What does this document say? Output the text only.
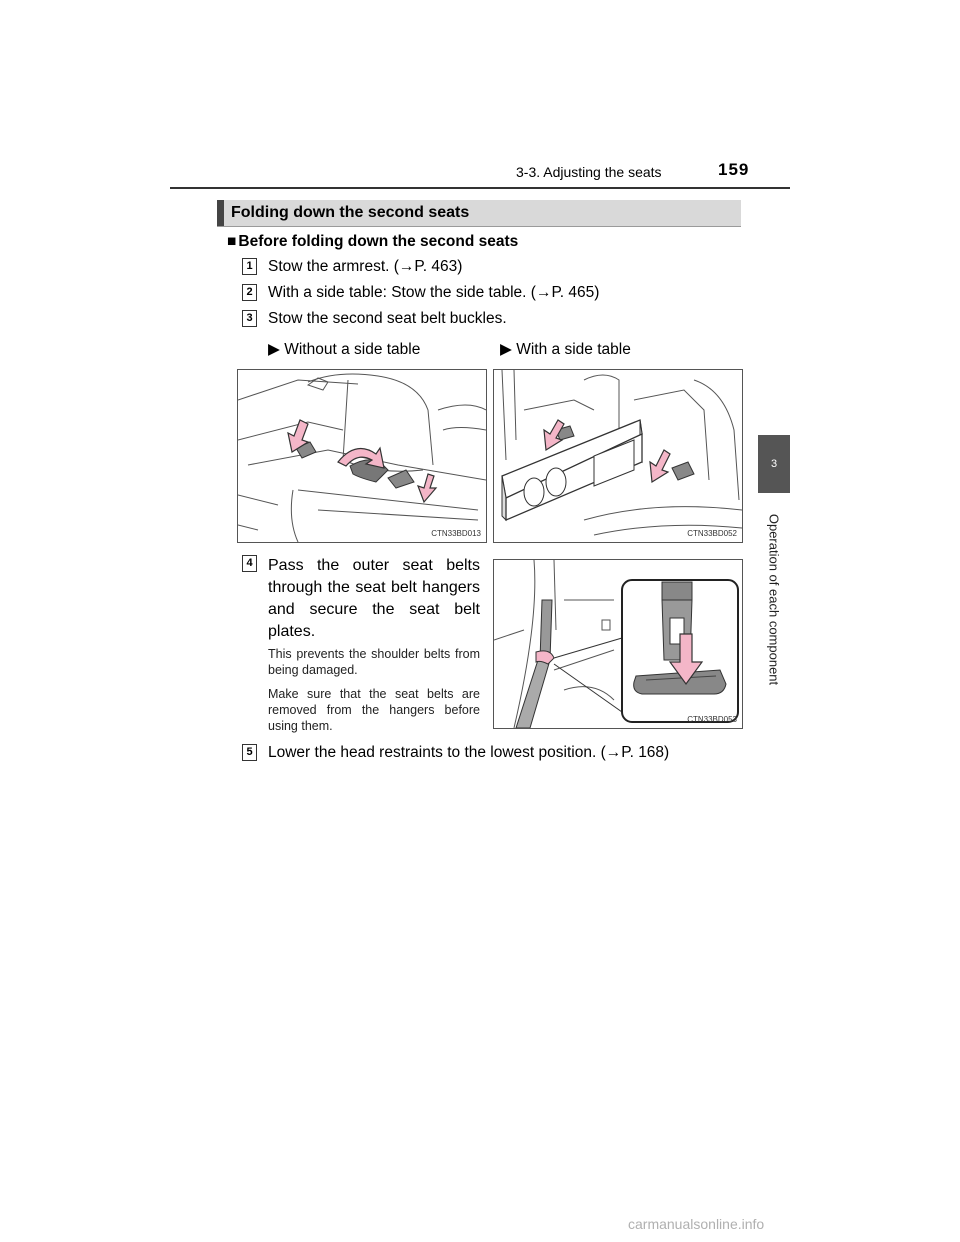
3-3. Adjusting the seats	159
3
Operation of each component
Folding down the second seats
■ Before folding down the second seats
1 Stow the armrest. (→P. 463)
2 With a side table: Stow the side table. (→P. 465)
3 Stow the second seat belt buckles.
▶ Without a side table	▶ With a side table
CTN33BD013	CTN33BD052
4 Pass the outer seat belts through the seat belt hangers and secure the seat belt plates.
This prevents the shoulder belts from being damaged.
Make sure that the seat belts are removed from the hangers before using them.	CTN33BD053
5 Lower the head restraints to the lowest position. (→P. 168)
carmanualsonline.info
